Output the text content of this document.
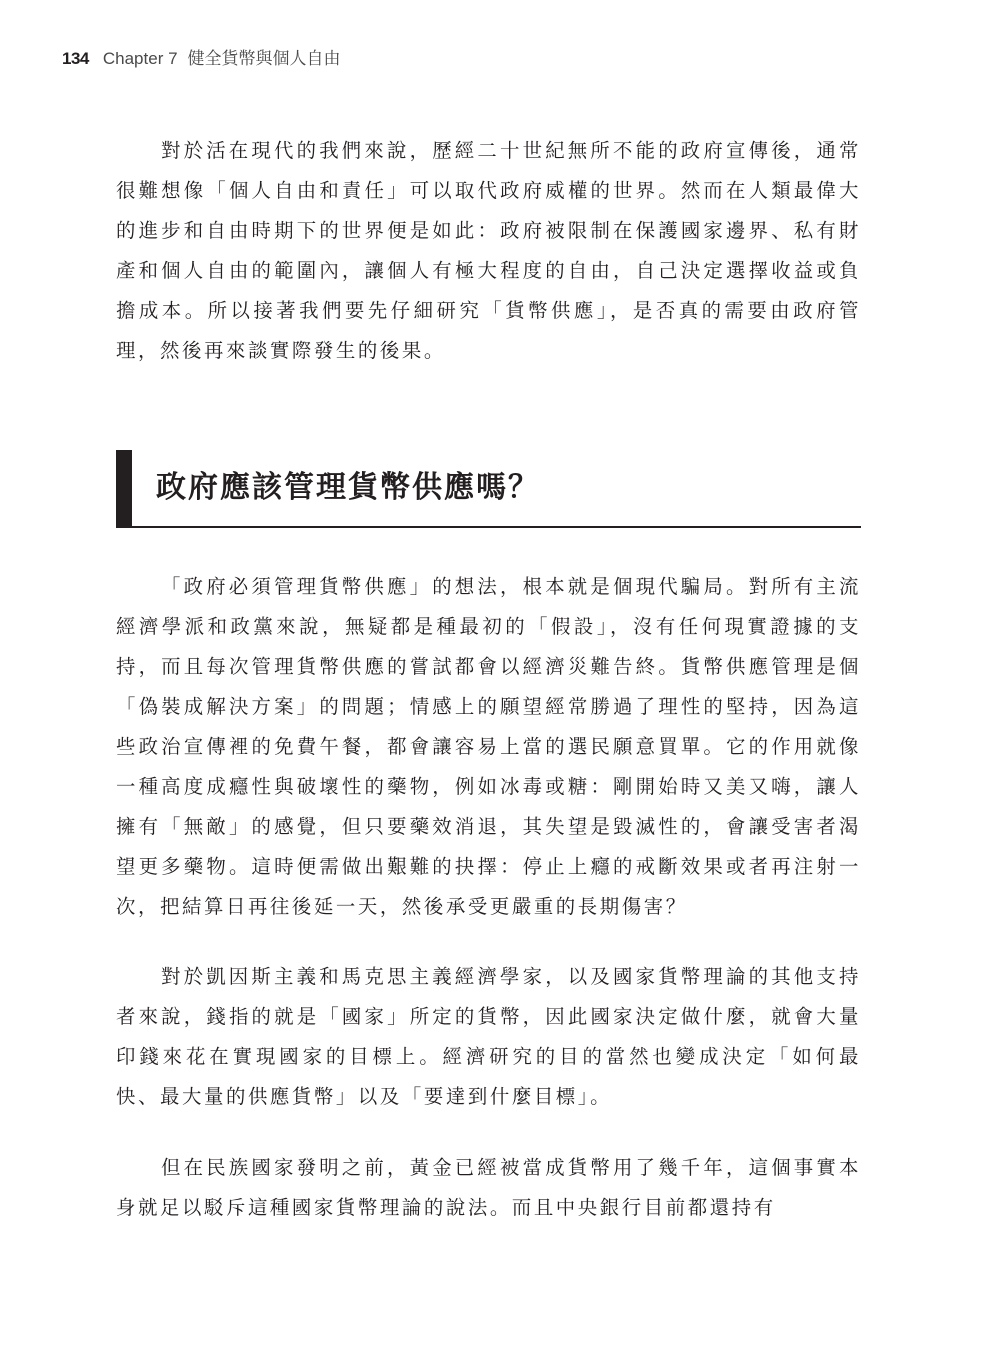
134 Chapter 7 健全貨幣與個人自由

對於活在現代的我們來說，歷經二十世紀無所不能的政府宣傳後，通常很難想像「個人自由和責任」可以取代政府威權的世界。然而在人類最偉大的進步和自由時期下的世界便是如此：政府被限制在保護國家邊界、私有財產和個人自由的範圍內，讓個人有極大程度的自由，自己決定選擇收益或負擔成本。所以接著我們要先仔細研究「貨幣供應」，是否真的需要由政府管理，然後再來談實際發生的後果。

政府應該管理貨幣供應嗎？

「政府必須管理貨幣供應」的想法，根本就是個現代騙局。對所有主流經濟學派和政黨來說，無疑都是種最初的「假設」，沒有任何現實證據的支持，而且每次管理貨幣供應的嘗試都會以經濟災難告終。貨幣供應管理是個「偽裝成解決方案」的問題；情感上的願望經常勝過了理性的堅持，因為這些政治宣傳裡的免費午餐，都會讓容易上當的選民願意買單。它的作用就像一種高度成癮性與破壞性的藥物，例如冰毒或糖：剛開始時又美又嗨，讓人擁有「無敵」的感覺，但只要藥效消退，其失望是毀滅性的，會讓受害者渴望更多藥物。這時便需做出艱難的抉擇：停止上癮的戒斷效果或者再注射一次，把結算日再往後延一天，然後承受更嚴重的長期傷害？

對於凱因斯主義和馬克思主義經濟學家，以及國家貨幣理論的其他支持者來說，錢指的就是「國家」所定的貨幣，因此國家決定做什麼，就會大量印錢來花在實現國家的目標上。經濟研究的目的當然也變成決定「如何最快、最大量的供應貨幣」以及「要達到什麼目標」。

但在民族國家發明之前，黃金已經被當成貨幣用了幾千年，這個事實本身就足以駁斥這種國家貨幣理論的說法。而且中央銀行目前都還持有
